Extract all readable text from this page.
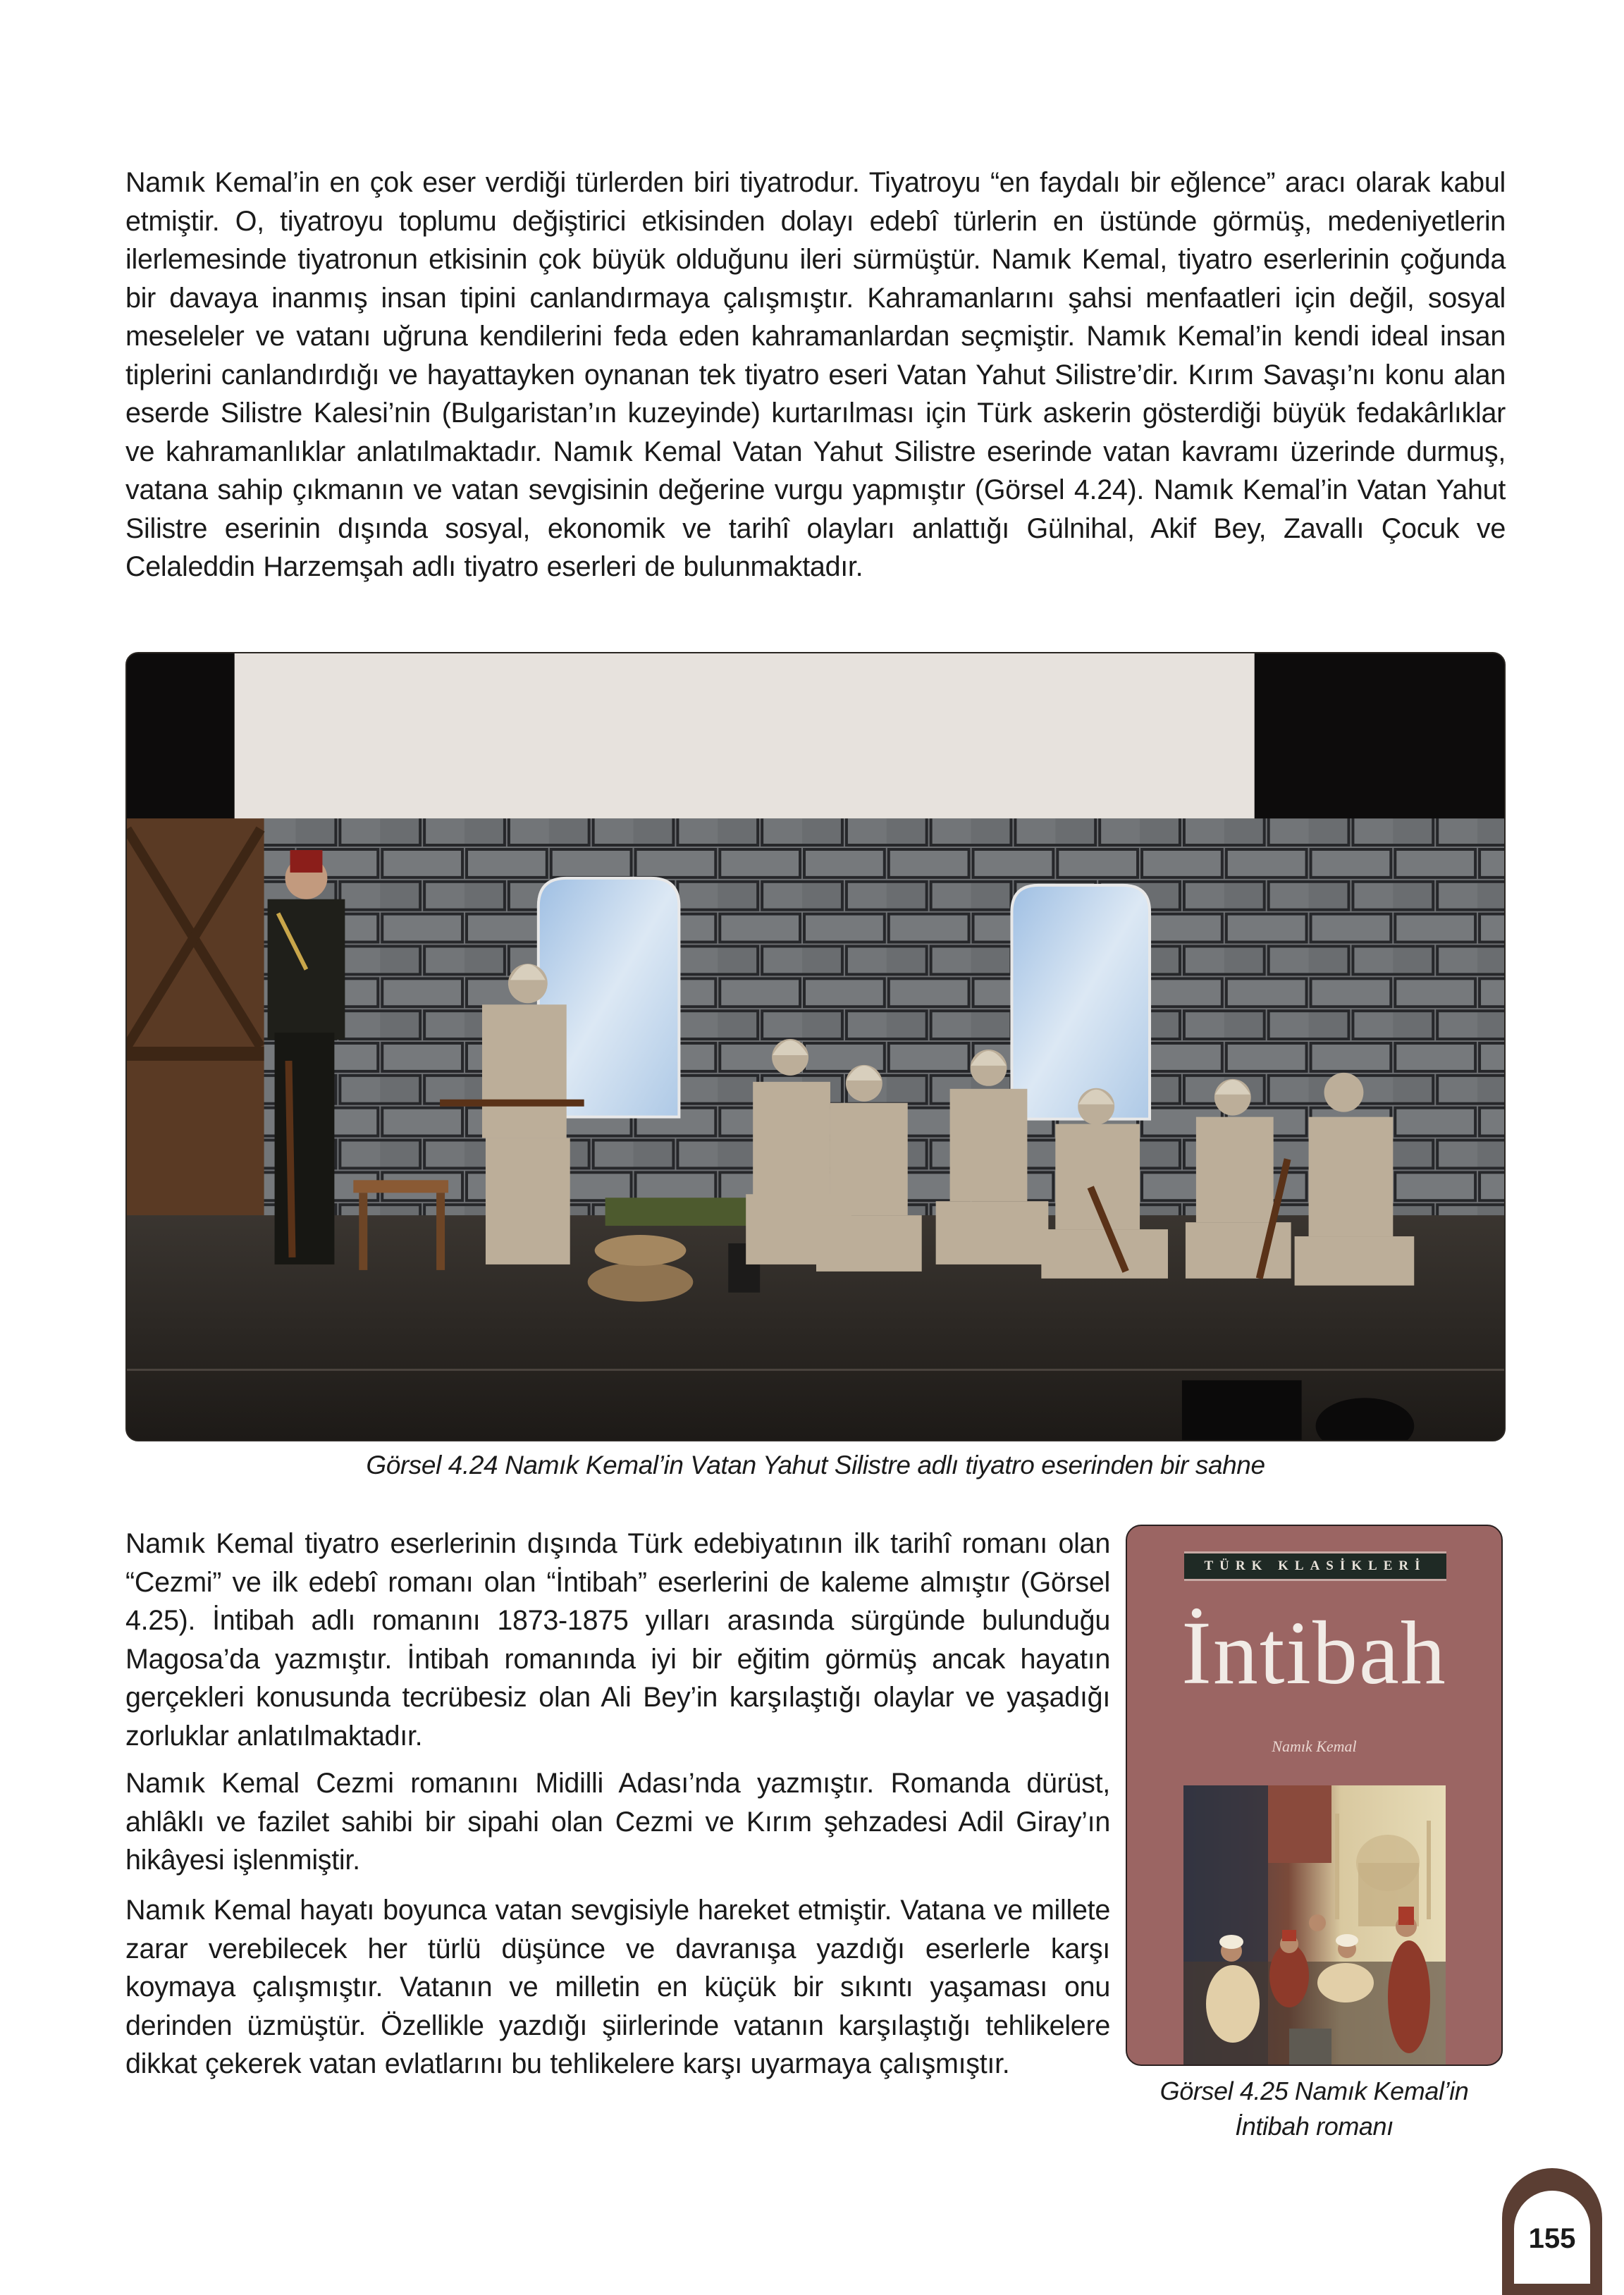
Namık Kemal’in en çok eser verdiği türlerden biri tiyatrodur. Tiyatroyu “en faydalı bir eğlence” aracı olarak kabul etmiştir. O, tiyatroyu toplumu değiştirici etkisinden dolayı edebî türlerin en üstünde görmüş, medeniyetlerin ilerlemesinde tiyatronun etkisinin çok büyük olduğunu ileri sürmüştür. Namık Kemal, tiyatro eserlerinin çoğunda bir davaya inanmış insan tipini canlandırmaya çalışmıştır. Kahramanlarını şahsi menfaatleri için değil, sosyal meseleler ve vatanı uğruna kendilerini feda eden kahramanlardan seçmiştir. Namık Kemal’in kendi ideal insan tiplerini canlandırdığı ve hayattayken oynanan tek tiyatro eseri Vatan Yahut Silistre’dir. Kırım Savaşı’nı konu alan eserde Silistre Kalesi’nin (Bulgaristan’ın kuzeyinde) kurtarılması için Türk askerin gösterdiği büyük fedakârlıklar ve kahramanlıklar anlatılmaktadır. Namık Kemal Vatan Yahut Silistre eserinde vatan kavramı üzerinde durmuş, vatana sahip çıkmanın ve vatan sevgisinin değerine vurgu yapmıştır (Görsel 4.24). Namık Kemal’in Vatan Yahut Silistre eserinin dışında sosyal, ekonomik ve tarihî olayları anlattığı Gülnihal, Akif Bey, Zavallı Çocuk ve Celaleddin Harzemşah adlı tiyatro eserleri de bulunmaktadır.

Görsel 4.24 Namık Kemal’in Vatan Yahut Silistre adlı tiyatro eserinden bir sahne

Namık Kemal tiyatro eserlerinin dışında Türk edebiyatının ilk tarihî romanı olan “Cezmi” ve ilk edebî romanı olan “İntibah” eserlerini de kaleme almıştır (Görsel 4.25). İntibah adlı romanını 1873-1875 yılları arasında sürgünde bulunduğu Magosa’da yazmıştır. İntibah romanında iyi bir eğitim görmüş ancak hayatın gerçekleri konusunda tecrübesiz olan Ali Bey’in karşılaştığı olaylar ve yaşadığı zorluklar anlatılmaktadır.

Namık Kemal Cezmi romanını Midilli Adası’nda yazmıştır. Romanda dürüst, ahlâklı ve fazilet sahibi bir sipahi olan Cezmi ve Kırım şehzadesi Adil Giray’ın hikâyesi işlenmiştir.

Namık Kemal hayatı boyunca vatan sevgisiyle hareket etmiştir. Vatana ve millete zarar verebilecek her türlü düşünce ve davranışa yazdığı eserlerle karşı koymaya çalışmıştır. Vatanın ve milletin en küçük bir sıkıntı yaşaması onu derinden üzmüştür. Özellikle yazdığı şiirlerinde vatanın karşılaştığı tehlikelere dikkat çekerek vatan evlatlarını bu tehlikelere karşı uyarmaya çalışmıştır.

TÜRK KLASİKLERİ
İntibah
Namık Kemal
Görsel 4.25 Namık Kemal’in
İntibah romanı
155
